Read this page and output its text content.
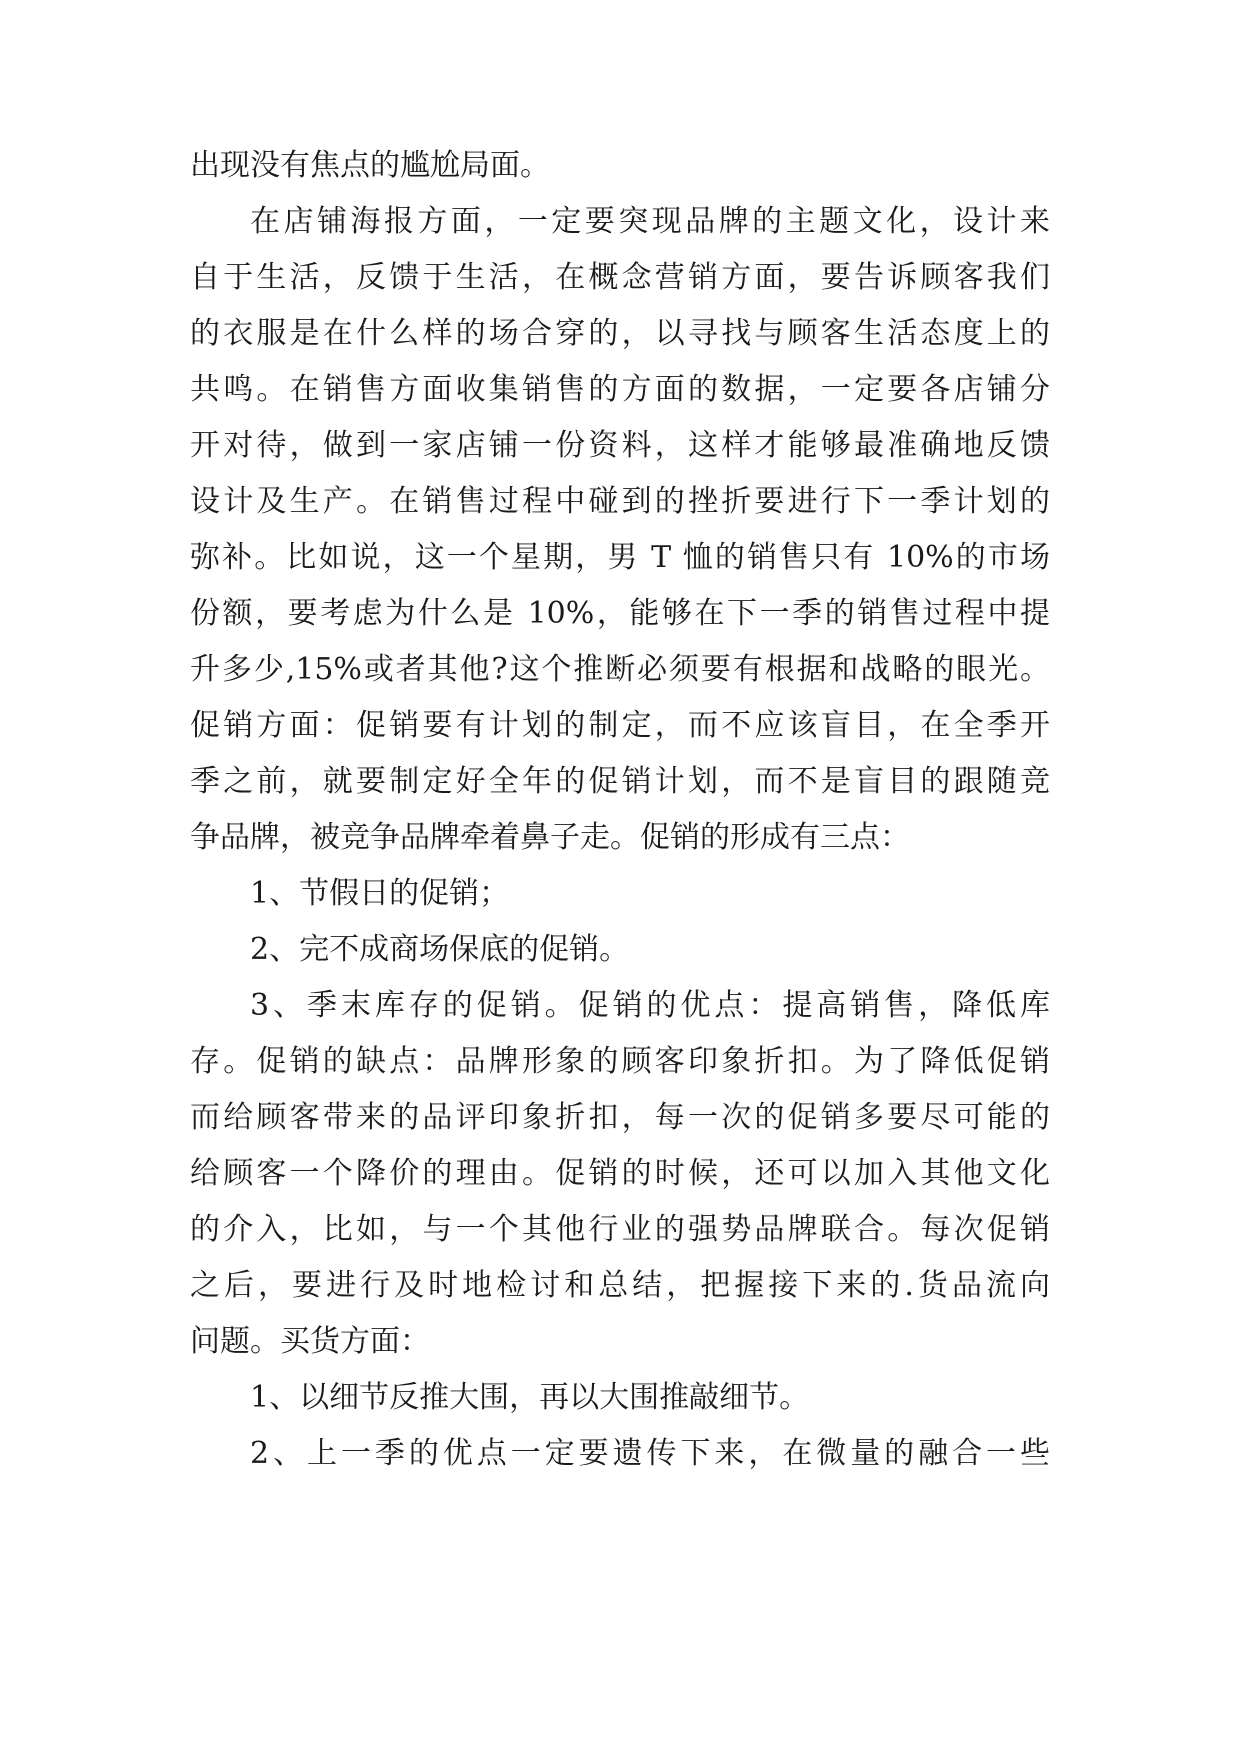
出现没有焦点的尴尬局面。

在店铺海报方面，一定要突现品牌的主题文化，设计来

自于生活，反馈于生活，在概念营销方面，要告诉顾客我们

的衣服是在什么样的场合穿的，以寻找与顾客生活态度上的

共鸣。在销售方面收集销售的方面的数据，一定要各店铺分

开对待，做到一家店铺一份资料，这样才能够最准确地反馈

设计及生产。在销售过程中碰到的挫折要进行下一季计划的

弥补。比如说，这一个星期，男 T 恤的销售只有 10%的市场

份额，要考虑为什么是 10%，能够在下一季的销售过程中提

升多少,15%或者其他?这个推断必须要有根据和战略的眼光。

促销方面：促销要有计划的制定，而不应该盲目，在全季开

季之前，就要制定好全年的促销计划，而不是盲目的跟随竞

争品牌，被竞争品牌牵着鼻子走。促销的形成有三点：

1、节假日的促销；

2、完不成商场保底的促销。

3、季末库存的促销。促销的优点：提高销售，降低库

存。促销的缺点：品牌形象的顾客印象折扣。为了降低促销

而给顾客带来的品评印象折扣，每一次的促销多要尽可能的

给顾客一个降价的理由。促销的时候，还可以加入其他文化

的介入，比如，与一个其他行业的强势品牌联合。每次促销

之后，要进行及时地检讨和总结，把握接下来的.货品流向

问题。买货方面：

1、以细节反推大围，再以大围推敲细节。

2、上一季的优点一定要遗传下来，在微量的融合一些
